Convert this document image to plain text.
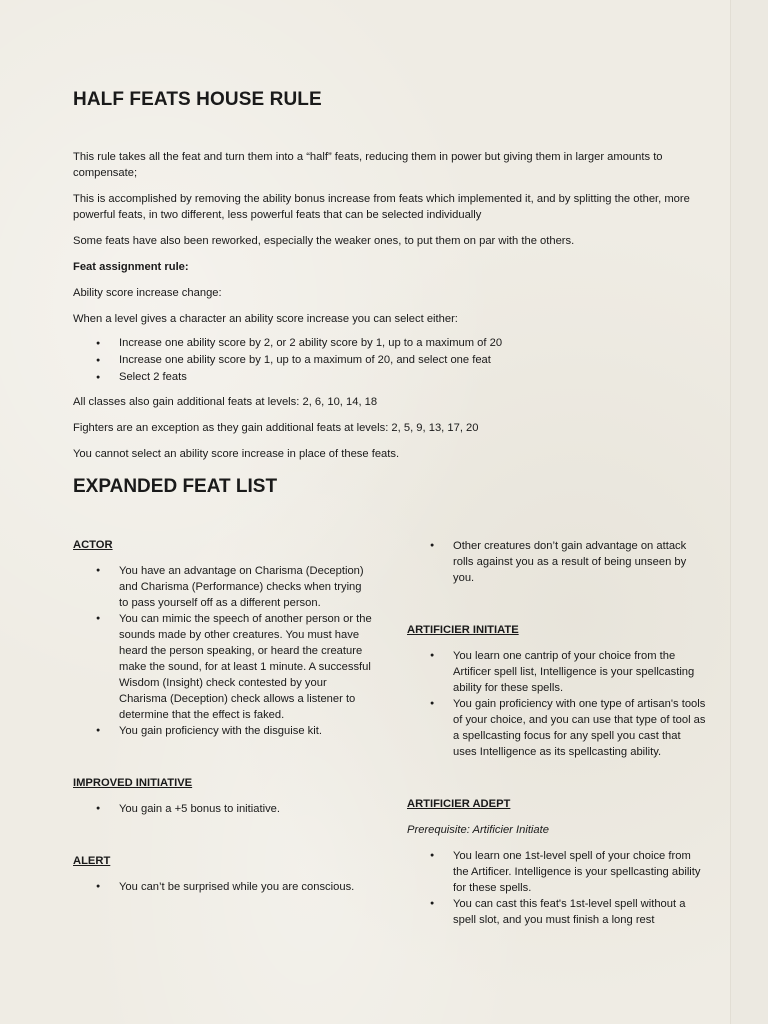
HALF FEATS HOUSE RULE

This rule takes all the feat and turn them into a “half” feats, reducing them in power but giving them in larger amounts to compensate;

This is accomplished by removing the ability bonus increase from feats which implemented it, and by splitting the other, more powerful feats, in two different, less powerful feats that can be selected individually

Some feats have also been reworked, especially the weaker ones, to put them on par with the others.

Feat assignment rule:

Ability score increase change:

When a level gives a character an ability score increase you can select either:

● Increase one ability score by 2, or 2 ability score by 1, up to a maximum of 20
● Increase one ability score by 1, up to a maximum of 20, and select one feat
● Select 2 feats

All classes also gain additional feats at levels: 2, 6, 10, 14, 18

Fighters are an exception as they gain additional feats at levels: 2, 5, 9, 13, 17, 20

You cannot select an ability score increase in place of these feats.

EXPANDED FEAT LIST

ACTOR

● You have an advantage on Charisma (Deception) and Charisma (Performance) checks when trying to pass yourself off as a different person.
● You can mimic the speech of another person or the sounds made by other creatures. You must have heard the person speaking, or heard the creature make the sound, for at least 1 minute. A successful Wisdom (Insight) check contested by your Charisma (Deception) check allows a listener to determine that the effect is faked.
● You gain proficiency with the disguise kit.

IMPROVED INITIATIVE

● You gain a +5 bonus to initiative.

ALERT

● You can’t be surprised while you are conscious.
● Other creatures don’t gain advantage on attack rolls against you as a result of being unseen by you.

ARTIFICIER INITIATE

● You learn one cantrip of your choice from the Artificer spell list, Intelligence is your spellcasting ability for these spells.
● You gain proficiency with one type of artisan's tools of your choice, and you can use that type of tool as a spellcasting focus for any spell you cast that uses Intelligence as its spellcasting ability.

ARTIFICIER ADEPT

Prerequisite: Artificier Initiate

● You learn one 1st-level spell of your choice from the Artificer. Intelligence is your spellcasting ability for these spells.
● You can cast this feat's 1st-level spell without a spell slot, and you must finish a long rest
